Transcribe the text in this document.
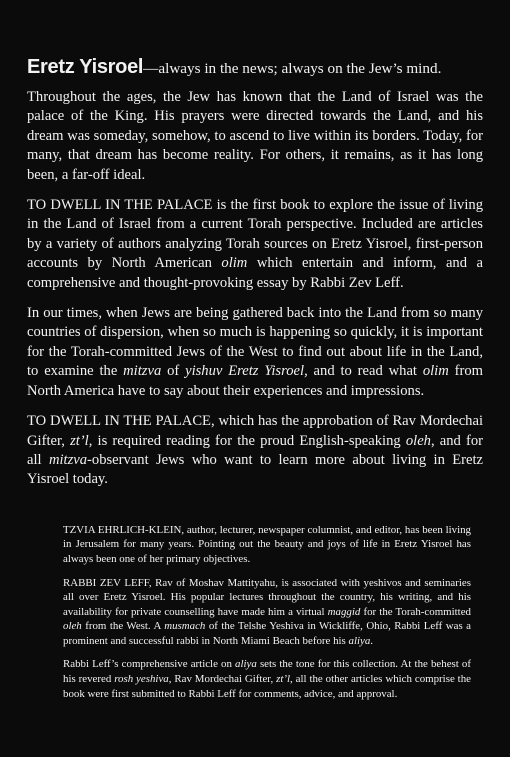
Eretz Yisroel—always in the news; always on the Jew’s mind.

Throughout the ages, the Jew has known that the Land of Israel was the palace of the King. His prayers were directed towards the Land, and his dream was someday, somehow, to ascend to live within its borders. Today, for many, that dream has become reality. For others, it remains, as it has long been, a far-off ideal.

TO DWELL IN THE PALACE is the first book to explore the issue of living in the Land of Israel from a current Torah perspective. Included are articles by a variety of authors analyzing Torah sources on Eretz Yisroel, first-person accounts by North American olim which entertain and inform, and a comprehensive and thought-provoking essay by Rabbi Zev Leff.

In our times, when Jews are being gathered back into the Land from so many countries of dispersion, when so much is happening so quickly, it is important for the Torah-committed Jews of the West to find out about life in the Land, to examine the mitzva of yishuv Eretz Yisroel, and to read what olim from North America have to say about their experiences and impressions.

TO DWELL IN THE PALACE, which has the approbation of Rav Mordechai Gifter, zt’l, is required reading for the proud English-speaking oleh, and for all mitzva-observant Jews who want to learn more about living in Eretz Yisroel today.

TZVIA EHRLICH-KLEIN, author, lecturer, newspaper columnist, and editor, has been living in Jerusalem for many years. Pointing out the beauty and joys of life in Eretz Yisroel has always been one of her primary objectives.

RABBI ZEV LEFF, Rav of Moshav Mattityahu, is associated with yeshivos and seminaries all over Eretz Yisroel. His popular lectures throughout the country, his writing, and his availability for private counselling have made him a virtual maggid for the Torah-committed oleh from the West. A musmach of the Telshe Yeshiva in Wickliffe, Ohio, Rabbi Leff was a prominent and successful rabbi in North Miami Beach before his aliya.

Rabbi Leff’s comprehensive article on aliya sets the tone for this collection. At the behest of his revered rosh yeshiva, Rav Mordechai Gifter, zt’l, all the other articles which comprise the book were first submitted to Rabbi Leff for comments, advice, and approval.
